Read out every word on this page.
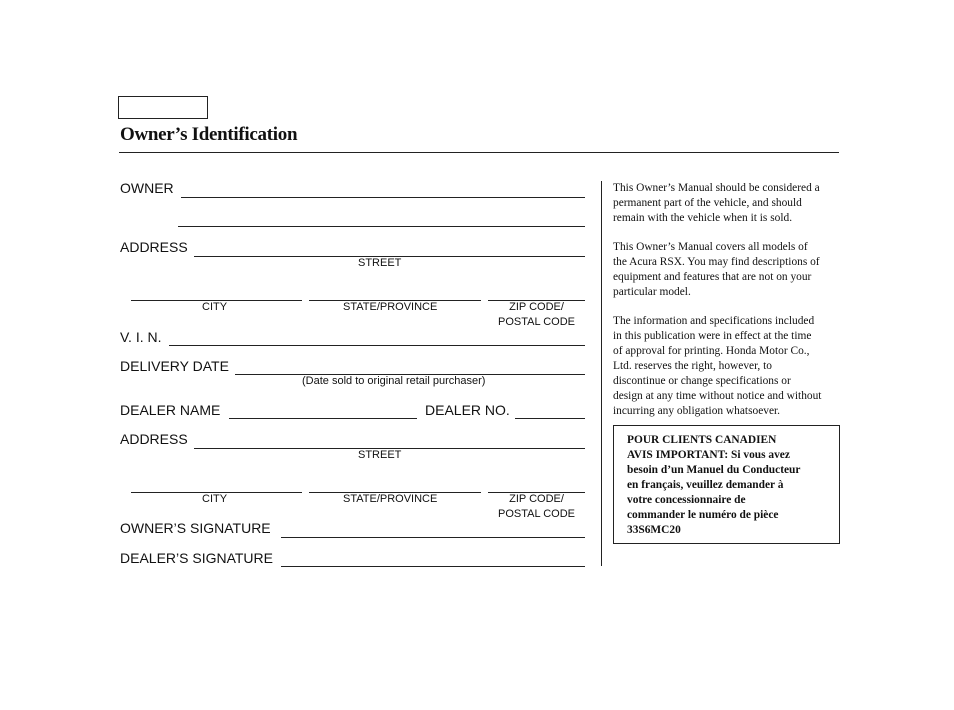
Owner’s Identification
OWNER
ADDRESS
STREET
CITY	STATE/PROVINCE	ZIP CODE/
POSTAL CODE
V. I. N.
DELIVERY DATE
(Date sold to original retail purchaser)
DEALER NAME	DEALER NO.
ADDRESS
STREET
CITY	STATE/PROVINCE	ZIP CODE/
POSTAL CODE
OWNER’S SIGNATURE
DEALER’S SIGNATURE
This Owner’s Manual should be considered a
permanent part of the vehicle, and should
remain with the vehicle when it is sold.
This Owner’s Manual covers all models of
the Acura RSX. You may find descriptions of
equipment and features that are not on your
particular model.
The information and specifications included
in this publication were in effect at the time
of approval for printing. Honda Motor Co.,
Ltd. reserves the right, however, to
discontinue or change specifications or
design at any time without notice and without
incurring any obligation whatsoever.
POUR CLIENTS CANADIEN
AVIS IMPORTANT: Si vous avez
besoin d’un Manuel du Conducteur
en français, veuillez demander à
votre concessionnaire de
commander le numéro de pièce
33S6MC20
